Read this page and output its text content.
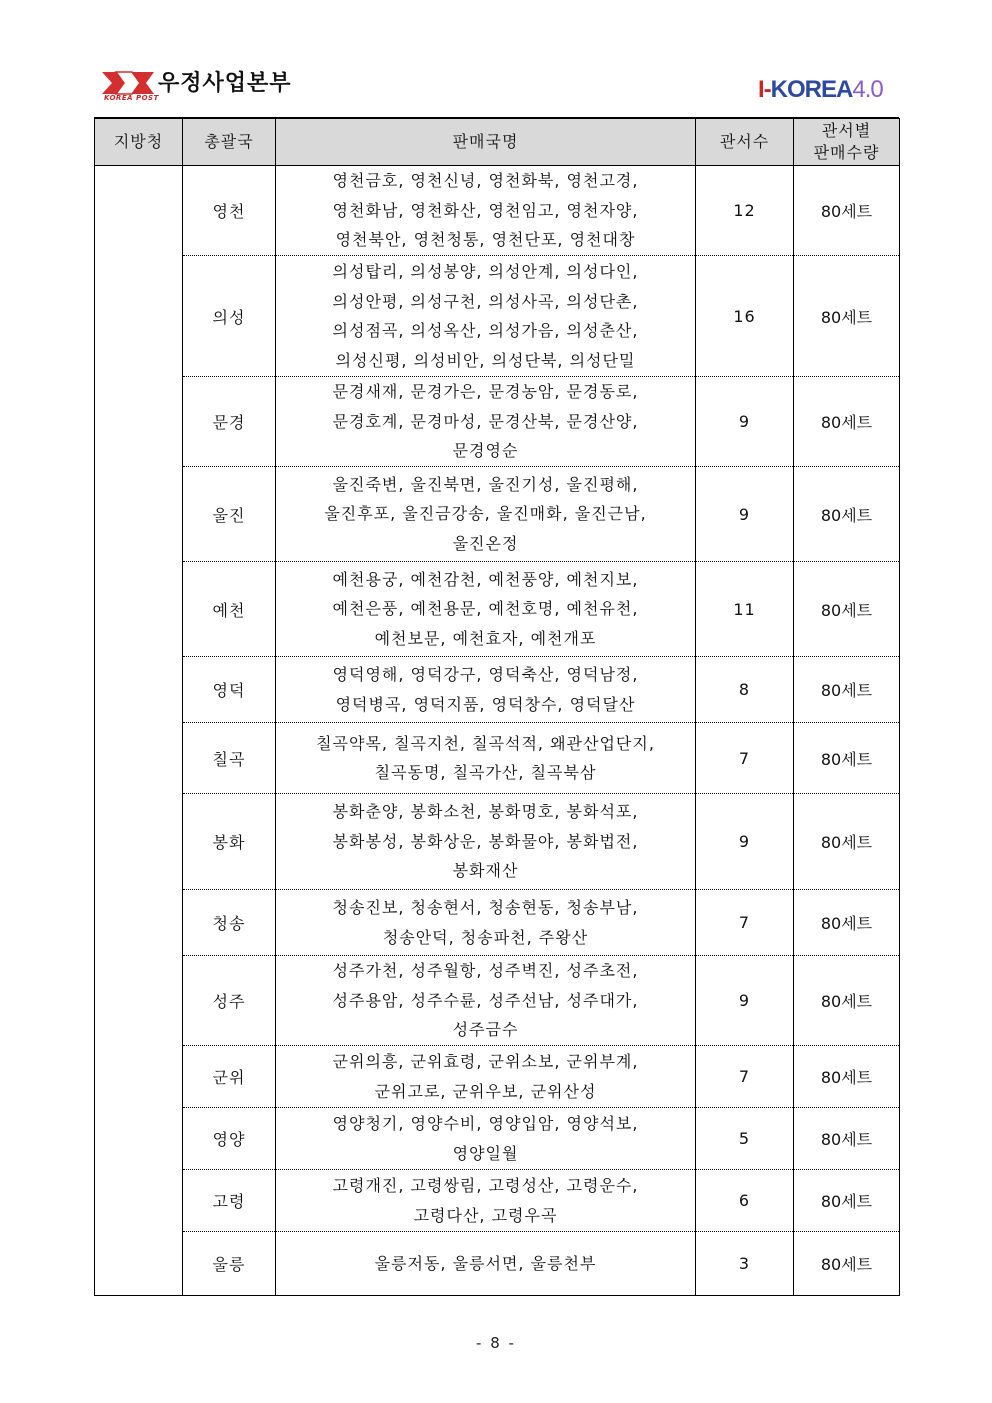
우정사업본부
KOREA POST	I-KOREA4.0
지방청	총괄국	판매국명	관서수	관서별
판매수량
	영천	영천금호, 영천신녕, 영천화북, 영천고경,
영천화남, 영천화산, 영천임고, 영천자양,
영천북안, 영천청통, 영천단포, 영천대창	12	80세트
	의성	의성탑리, 의성봉양, 의성안계, 의성다인,
의성안평, 의성구천, 의성사곡, 의성단촌,
의성점곡, 의성옥산, 의성가음, 의성춘산,
의성신평, 의성비안, 의성단북, 의성단밀	16	80세트
	문경	문경새재, 문경가은, 문경농암, 문경동로,
문경호계, 문경마성, 문경산북, 문경산양,
문경영순	9	80세트
	울진	울진죽변, 울진북면, 울진기성, 울진평해,
울진후포, 울진금강송, 울진매화, 울진근남,
울진온정	9	80세트
	예천	예천용궁, 예천감천, 예천풍양, 예천지보,
예천은풍, 예천용문, 예천호명, 예천유천,
예천보문, 예천효자, 예천개포	11	80세트
	영덕	영덕영해, 영덕강구, 영덕축산, 영덕남정,
영덕병곡, 영덕지품, 영덕창수, 영덕달산	8	80세트
	칠곡	칠곡약목, 칠곡지천, 칠곡석적, 왜관산업단지,
칠곡동명, 칠곡가산, 칠곡북삼	7	80세트
	봉화	봉화춘양, 봉화소천, 봉화명호, 봉화석포,
봉화봉성, 봉화상운, 봉화물야, 봉화법전,
봉화재산	9	80세트
	청송	청송진보, 청송현서, 청송현동, 청송부남,
청송안덕, 청송파천, 주왕산	7	80세트
	성주	성주가천, 성주월항, 성주벽진, 성주초전,
성주용암, 성주수륜, 성주선남, 성주대가,
성주금수	9	80세트
	군위	군위의흥, 군위효령, 군위소보, 군위부계,
군위고로, 군위우보, 군위산성	7	80세트
	영양	영양청기, 영양수비, 영양입암, 영양석보,
영양일월	5	80세트
	고령	고령개진, 고령쌍림, 고령성산, 고령운수,
고령다산, 고령우곡	6	80세트
	울릉	울릉저동, 울릉서면, 울릉천부	3	80세트
- 8 -
